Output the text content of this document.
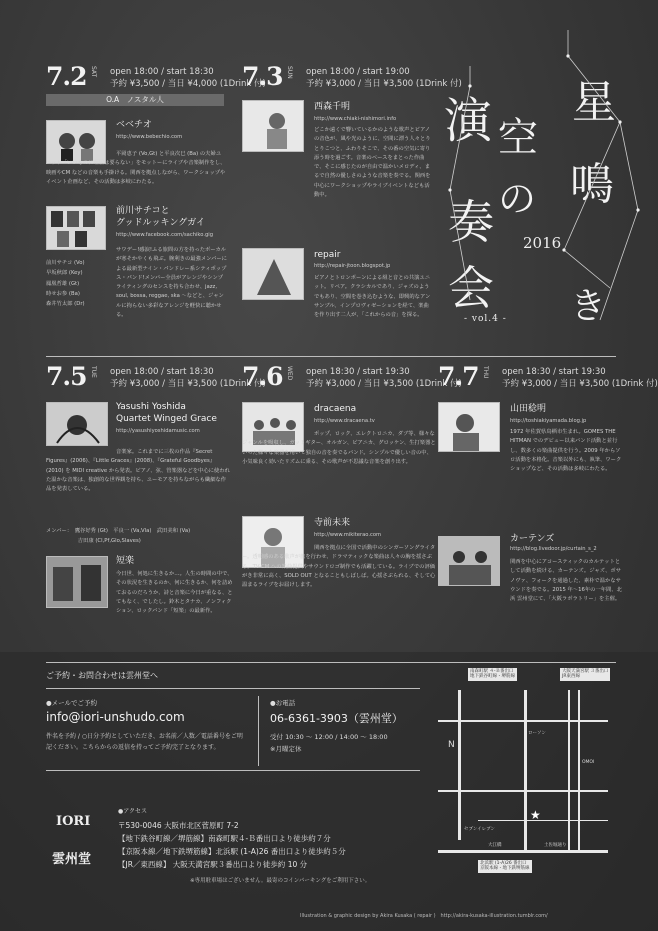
星
鳴
き
演 空
の
奏
会
2016
- vol.4 -
7.2 SAT open 18:00 / start 18:30
予約 ¥3,500 / 当日 ¥4,000 (1Drink 付)
O.A　ノスタル人
ベベチオ
http://www.bebechio.com
平岡恵子 (Vo,Gt) と平良次巳 (Ba) の夫婦ユニット「いいものに理屈は要らない」をモットーにライブや音楽制作をし、映画やCM などの音楽も手掛ける。関西を拠点しながら、ワークショップやイベント企画など、その活動は多岐にわたる。
前川サチコと
グッドルッキングガイ
http://www.facebook.com/sachiko.gig
前川サチコ (Vo)
早坂秋郎 (Key)
鳳凰哲雄 (Gt)
時せお参 (Ba)
森井竹太郎 (Dr)
サワデー!感涙!ふる旅問の方を持ったボーカルが寒そかやくも飛ぶ。腕利きの最強メンバーによる最新型ナイン・パンドレー系シティポップス・パンド!メンバー全員がアレンジやシンプライティングのセンスを持ち合わせ、jazz, soul, bossa, reggae, ska 〜などと、ジャンルに拘らない多彩なアレンジを軽快に聴かせる。
7.3 SUN open 18:00 / start 19:00
予約 ¥3,000 / 当日 ¥3,500 (1Drink 付)
西森千明
http://www.chiaki-nishimori.info
どこか遠くで響いているかのような歌声とピアノの音色が、風や光のように、空間に漂う人々とりとりこつと、ふわりそこで、その番の空気に寄り添う時を過ごす。音楽のベースをまとった作曲で、そこに感じたのが自由で温かいメロディ、まるで自然の優しさのような音楽を奏でる。関西を中心にワークショップやライブイベントなども活動中。
repair
http://repair-jtoon.blogspot.jp
ピアノとトロンボーンによる組と音との共演ユニット。リペア。クラシカルであり、ジャズのようでもあり、空間を巻き込むような、即興的なアンサンブル、インプロヴィゼーションを経て、楽曲を作り出す二人が、「これからの音」を探る。
7.5 TUE open 18:00 / start 18:30
予約 ¥3,000 / 当日 ¥3,500 (1Drink 付)
Yasushi Yoshida
Quartet Winged Grace
http://yasushiyoshidamusic.com
音楽家。これまでに三枚の作品『Secret Figures』(2006)、『Little Graces』(2008)、『Grateful Goodbyes』(2010) を MIDI creative から発表。ピアノ、弦、管楽器などを中心に使われた温かな音楽は、独創的な世界観を持ち、ユーモアを持ちながらも繊細な作品を発表している。
メンバー：　鷹谷好秀 (Gt)　平良一 (Va,Vla)　武田美和 (Va)
　　　　　　吉田康 (Cl,Pf,Glo,Slaves)
短楽
今日世、何処に生きるか…。人生の時間の中で、その状況を生きるのか、何に生きるか、何を詰めておるのだろうか、詩と音楽に今日が重なる、とてもなく、でしたし。鈴木とタナカ、ノンフィクション、ロックバンド「短楽」の最新作。
7.6 WED open 18:30 / start 19:30
予約 ¥3,000 / 当日 ¥3,500 (1Drink 付)
dracaena
http://www.dracaena.tv
ポップ、ロック、エレクトロニカ、ダブ等、様々なジャンルを吸収し、ガットギター、オルガン、ピアニカ、グロッケン、生打楽器といった様々な楽器を用いて独自の音を奏でるバンド。シンプルで優しい音の中、小気味良く効いたリズムに乗る、その歌声が不思議な音楽を創り出す。
寺前未来
http://www.mikiterao.com
関西を拠点に全国で活動中のシンガーソングライター。透明感のある歌声が旅を行わせ、ドラマティックな楽曲は人々の胸を揺さぶる。TV-CM への楽曲提供やサウンドロゴ制作でも活躍している。ライブでの評価がき非常に高く、SOLD OUT となることもしばしば。心揺さぶられる、そして心温まるライブをお届けします。
7.7 THU open 18:30 / start 19:30
予約 ¥3,000 / 当日 ¥3,500 (1Drink 付)
山田稔明
http://toshiakiyamada.blog.jp
1972 年佐賀県鳥栖市生まれ。GOMES THE HITMAN でのデビュー以来バンド活動と並行し、数多くの楽曲提供を行う。2009 年からソロ活動を本格化。音楽以外にも、執筆、ワークショップなど、その活動は多岐にわたる。
カーテンズ
http://blog.livedoor.jp/curtain_s_2
関西を中心にアコースティックのカルテットとして活動を続ける、カーテンズ。ジャズ、ボサノヴァ、フォークを通過した、素朴で温かなサウンドを奏でる。2015 年〜16年の一年間、北浜 雲州堂にて、「大阪ラボラトリー」を主催。
ご予約・お問合わせは雲州堂へ
●メールでご予約
info@iori-unshudo.com
件名を予約 / ○日分予約としていただき、お名前／人数／電話番号をご明記ください。こちらからの返信を持ってご予約完了となります。
●お電話
06-6361-3903（雲州堂）
受付 10:30 〜 12:00 / 14:00 〜 18:00
※月曜定休
IORI
雲州堂
●アクセス
〒530-0046 大阪市北区菅原町 7-2
【地下鉄谷町線／堺筋線】南森町駅４-Ｂ番出口より徒歩約７分
【京阪本線／地下鉄堺筋線】北浜駅 (1-A)26 番出口より徒歩約５分
【JR／東西線】 大阪天満宮駅３番出口より徒歩約 10 分
※専用駐車場はございません。最寄のコインパーキングをご利用下さい。
南森町駅 ４-Ｂ番出口
地下鉄谷町線・堺筋線
大阪天満宮駅 ３番出口
JR東西線
北浜駅 (1-A)26 番出口
京阪本線・地下鉄堺筋線
N
ローソン
セブンイレブン
土佐堀通り
OMOI
大江橋
★
Illustration & graphic design by Akira Kusaka ( repair )　http://akira-kusaka-illustration.tumblr.com/
